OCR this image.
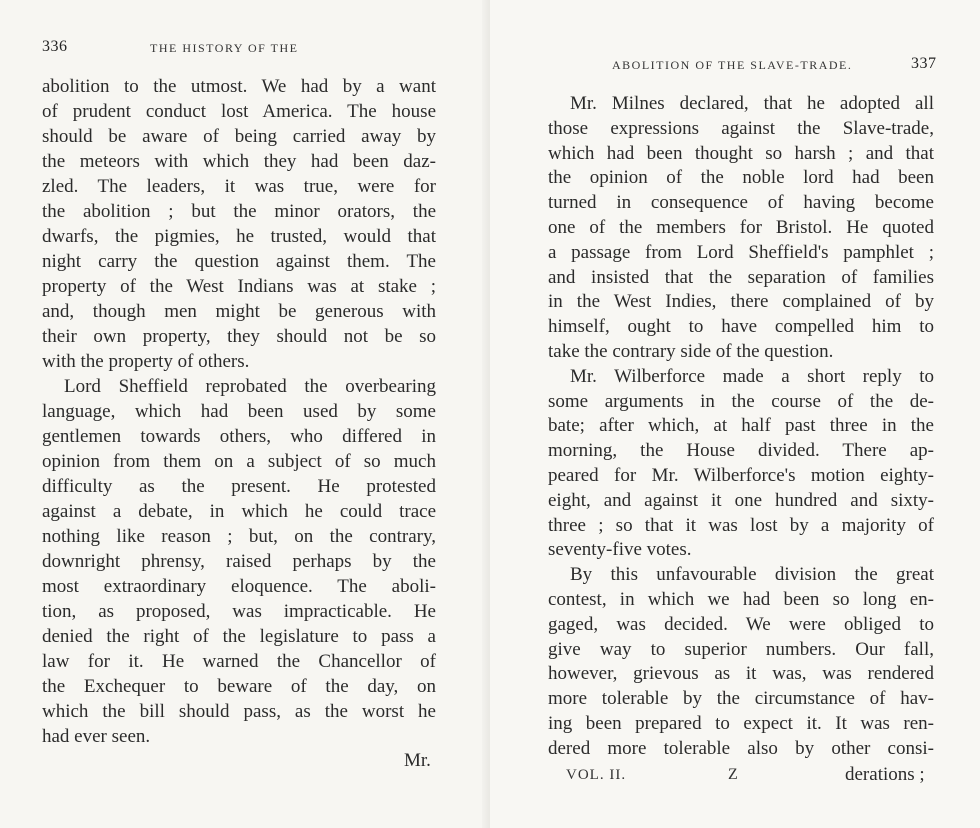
336	THE HISTORY OF THE
abolition to the utmost. We had by a want
of prudent conduct lost America. The house
should be aware of being carried away by
the meteors with which they had been daz-
zled. The leaders, it was true, were for
the abolition ; but the minor orators, the
dwarfs, the pigmies, he trusted, would that
night carry the question against them. The
property of the West Indians was at stake ;
and, though men might be generous with
their own property, they should not be so
with the property of others.
Lord Sheffield reprobated the overbearing
language, which had been used by some
gentlemen towards others, who differed in
opinion from them on a subject of so much
difficulty as the present. He protested
against a debate, in which he could trace
nothing like reason ; but, on the contrary,
downright phrensy, raised perhaps by the
most extraordinary eloquence. The aboli-
tion, as proposed, was impracticable. He
denied the right of the legislature to pass a
law for it. He warned the Chancellor of
the Exchequer to beware of the day, on
which the bill should pass, as the worst he
had ever seen.
Mr.
ABOLITION OF THE SLAVE-TRADE.	337
Mr. Milnes declared, that he adopted all
those expressions against the Slave-trade,
which had been thought so harsh ; and that
the opinion of the noble lord had been
turned in consequence of having become
one of the members for Bristol. He quoted
a passage from Lord Sheffield's pamphlet ;
and insisted that the separation of families
in the West Indies, there complained of by
himself, ought to have compelled him to
take the contrary side of the question.
Mr. Wilberforce made a short reply to
some arguments in the course of the de-
bate; after which, at half past three in the
morning, the House divided. There ap-
peared for Mr. Wilberforce's motion eighty-
eight, and against it one hundred and sixty-
three ; so that it was lost by a majority of
seventy-five votes.
By this unfavourable division the great
contest, in which we had been so long en-
gaged, was decided. We were obliged to
give way to superior numbers. Our fall,
however, grievous as it was, was rendered
more tolerable by the circumstance of hav-
ing been prepared to expect it. It was ren-
dered more tolerable also by other consi-
VOL. II.	Z	derations ;
